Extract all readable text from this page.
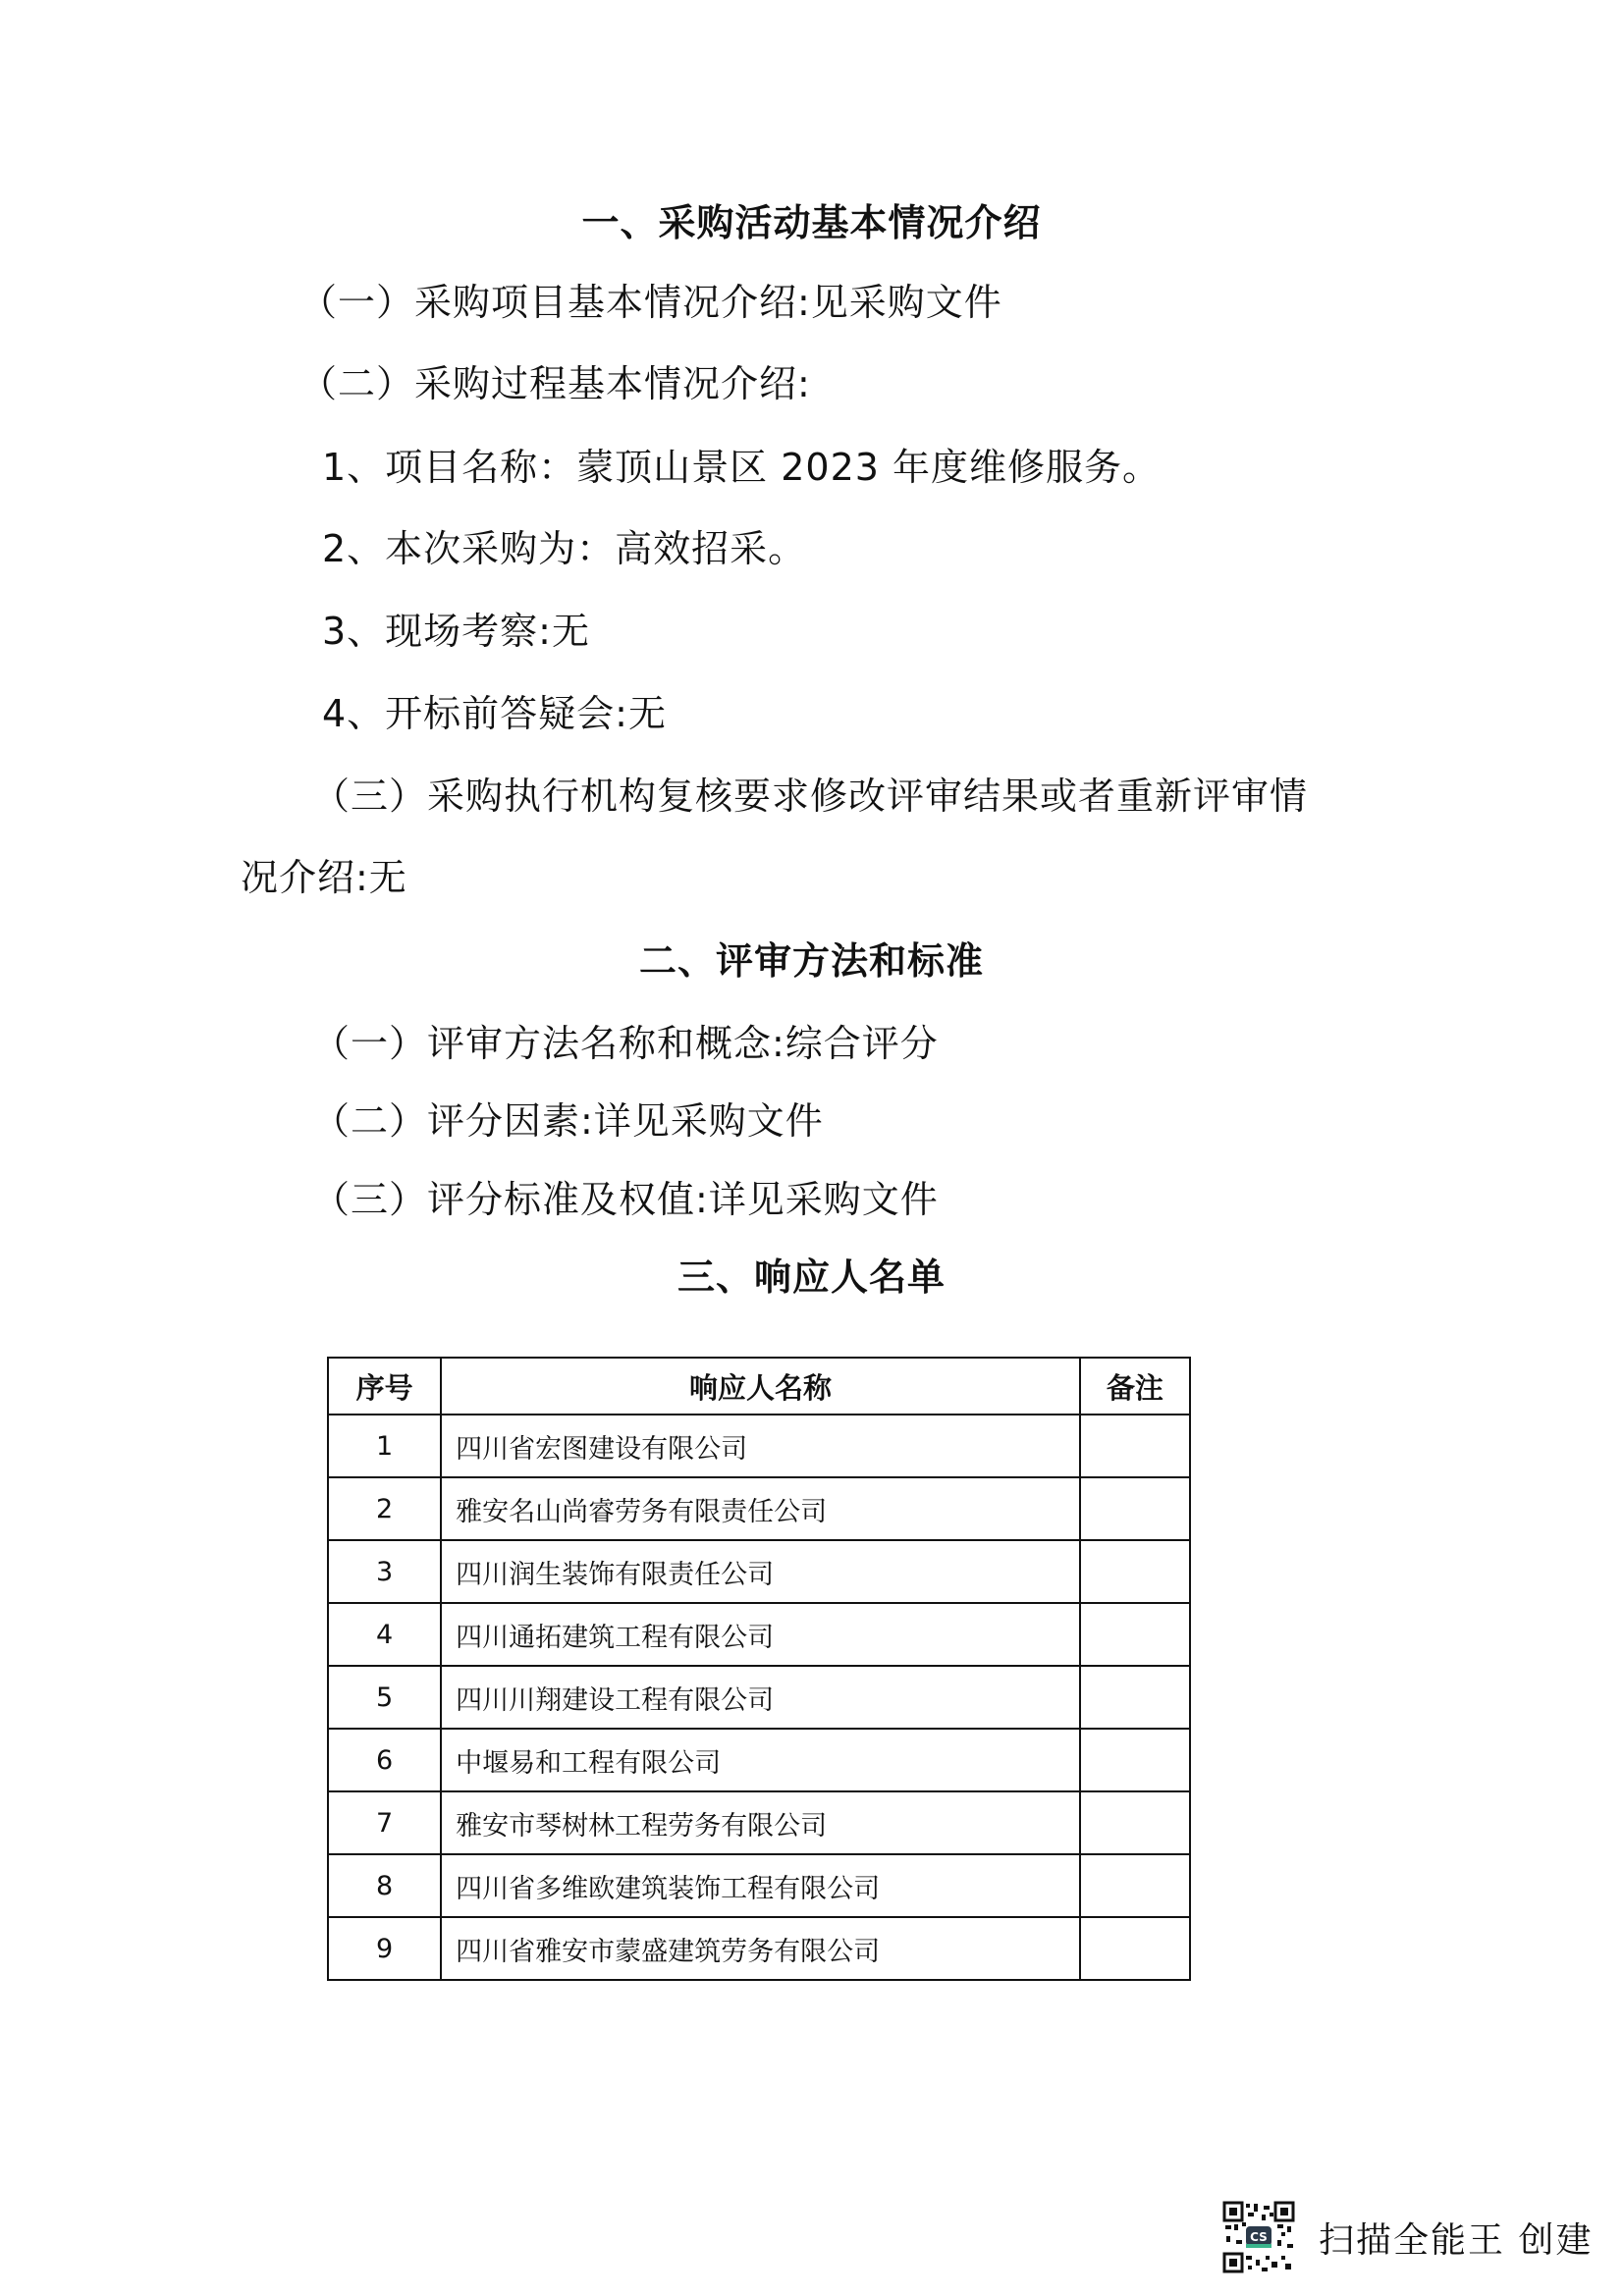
一、采购活动基本情况介绍
（一）采购项目基本情况介绍:见采购文件
（二）采购过程基本情况介绍:
1、项目名称：蒙顶山景区 2023 年度维修服务。
2、本次采购为：高效招采。
3、现场考察:无
4、开标前答疑会:无
（三）采购执行机构复核要求修改评审结果或者重新评审情
况介绍:无
二、评审方法和标准
（一）评审方法名称和概念:综合评分
（二）评分因素:详见采购文件
（三）评分标准及权值:详见采购文件
三、响应人名单
序号	响应人名称	备注
1	四川省宏图建设有限公司	
2	雅安名山尚睿劳务有限责任公司	
3	四川润生装饰有限责任公司	
4	四川通拓建筑工程有限公司	
5	四川川翔建设工程有限公司	
6	中堰易和工程有限公司	
7	雅安市琴树林工程劳务有限公司	
8	四川省多维欧建筑装饰工程有限公司	
9	四川省雅安市蒙盛建筑劳务有限公司	
CS 扫描全能王 创建
